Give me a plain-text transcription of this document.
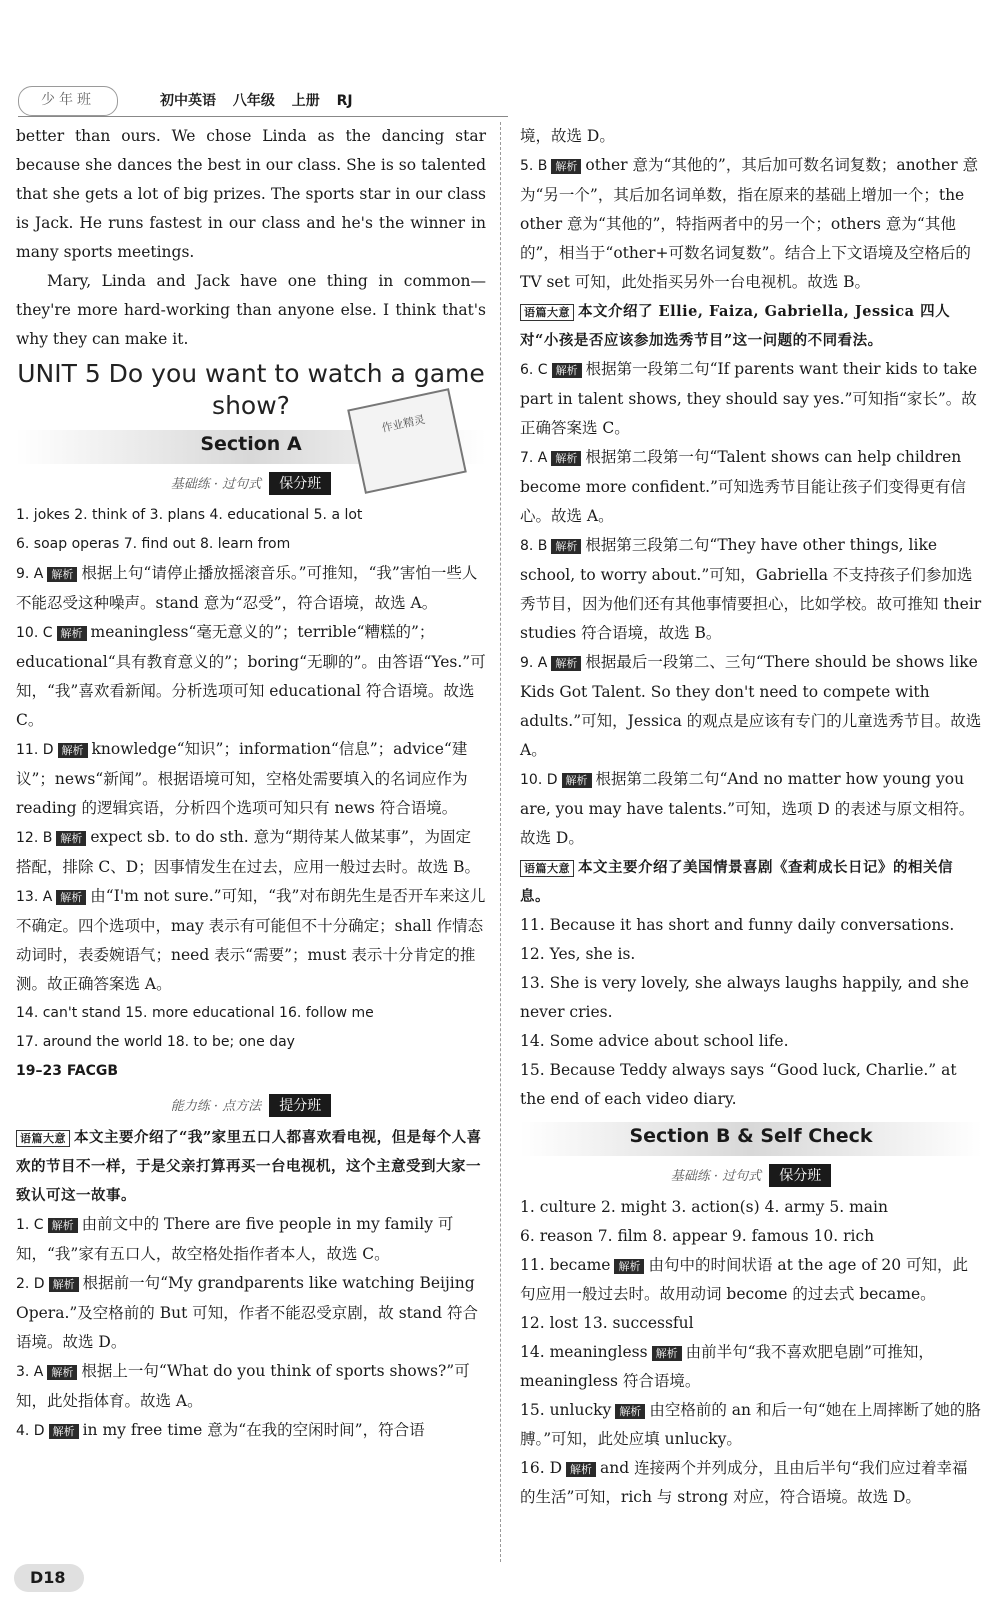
少年班	初中英语 八年级 上册 RJ

better than ours. We chose Linda as the dancing star because she dances the best in our class. She is so talented that she gets a lot of big prizes. The sports star in our class is Jack. He runs fastest in our class and he's the winner in many sports meetings.

Mary, Linda and Jack have one thing in common—they're more hard-working than anyone else. I think that's why they can make it.

UNIT 5 Do you want to watch a game show?
Section A
基础练 · 过句式 保分班

1. jokes 2. think of 3. plans 4. educational 5. a lot

6. soap operas 7. find out 8. learn from

9. A 解析 根据上句“请停止播放摇滚音乐。”可推知，“我”害怕一些人不能忍受这种噪声。stand 意为“忍受”，符合语境，故选 A。

10. C 解析 meaningless“毫无意义的”；terrible“糟糕的”；educational“具有教育意义的”；boring“无聊的”。由答语“Yes.”可知，“我”喜欢看新闻。分析选项可知 educational 符合语境。故选 C。

11. D 解析 knowledge“知识”；information“信息”；advice“建议”；news“新闻”。根据语境可知，空格处需要填入的名词应作为 reading 的逻辑宾语，分析四个选项可知只有 news 符合语境。

12. B 解析 expect sb. to do sth. 意为“期待某人做某事”，为固定搭配，排除 C、D；因事情发生在过去，应用一般过去时。故选 B。

13. A 解析 由“I'm not sure.”可知，“我”对布朗先生是否开车来这儿不确定。四个选项中，may 表示有可能但不十分确定；shall 作情态动词时，表委婉语气；need 表示“需要”；must 表示十分肯定的推测。故正确答案选 A。

14. can't stand 15. more educational 16. follow me

17. around the world 18. to be; one day

19–23 FACGB

能力练 · 点方法 提分班

语篇大意 本文主要介绍了“我”家里五口人都喜欢看电视，但是每个人喜欢的节目不一样，于是父亲打算再买一台电视机，这个主意受到大家一致认可这一故事。

1. C 解析 由前文中的 There are five people in my family 可知，“我”家有五口人，故空格处指作者本人，故选 C。

2. D 解析 根据前一句“My grandparents like watching Beijing Opera.”及空格前的 But 可知，作者不能忍受京剧，故 stand 符合语境。故选 D。

3. A 解析 根据上一句“What do you think of sports shows?”可知，此处指体育。故选 A。

4. D 解析 in my free time 意为“在我的空闲时间”，符合语

作业精灵

境，故选 D。

5. B 解析 other 意为“其他的”，其后加可数名词复数；another 意为“另一个”，其后加名词单数，指在原来的基础上增加一个；the other 意为“其他的”，特指两者中的另一个；others 意为“其他的”，相当于“other+可数名词复数”。结合上下文语境及空格后的 TV set 可知，此处指买另外一台电视机。故选 B。

语篇大意 本文介绍了 Ellie, Faiza, Gabriella, Jessica 四人对“小孩是否应该参加选秀节目”这一问题的不同看法。

6. C 解析 根据第一段第二句“If parents want their kids to take part in talent shows, they should say yes.”可知指“家长”。故正确答案选 C。

7. A 解析 根据第二段第一句“Talent shows can help children become more confident.”可知选秀节目能让孩子们变得更有信心。故选 A。

8. B 解析 根据第三段第二句“They have other things, like school, to worry about.”可知，Gabriella 不支持孩子们参加选秀节目，因为他们还有其他事情要担心，比如学校。故可推知 their studies 符合语境，故选 B。

9. A 解析 根据最后一段第二、三句“There should be shows like Kids Got Talent. So they don't need to compete with adults.”可知，Jessica 的观点是应该有专门的儿童选秀节目。故选 A。

10. D 解析 根据第二段第二句“And no matter how young you are, you may have talents.”可知，选项 D 的表述与原文相符。故选 D。

语篇大意 本文主要介绍了美国情景喜剧《查莉成长日记》的相关信息。

11. Because it has short and funny daily conversations.

12. Yes, she is.

13. She is very lovely, she always laughs happily, and she never cries.

14. Some advice about school life.

15. Because Teddy always says “Good luck, Charlie.” at the end of each video diary.

Section B & Self Check
基础练 · 过句式 保分班

1. culture 2. might 3. action(s) 4. army 5. main

6. reason 7. film 8. appear 9. famous 10. rich

11. became 解析 由句中的时间状语 at the age of 20 可知，此句应用一般过去时。故用动词 become 的过去式 became。

12. lost 13. successful

14. meaningless 解析 由前半句“我不喜欢肥皂剧”可推知，meaningless 符合语境。

15. unlucky 解析 由空格前的 an 和后一句“她在上周摔断了她的胳膊。”可知，此处应填 unlucky。

16. D 解析 and 连接两个并列成分，且由后半句“我们应过着幸福的生活”可知，rich 与 strong 对应，符合语境。故选 D。

D18
